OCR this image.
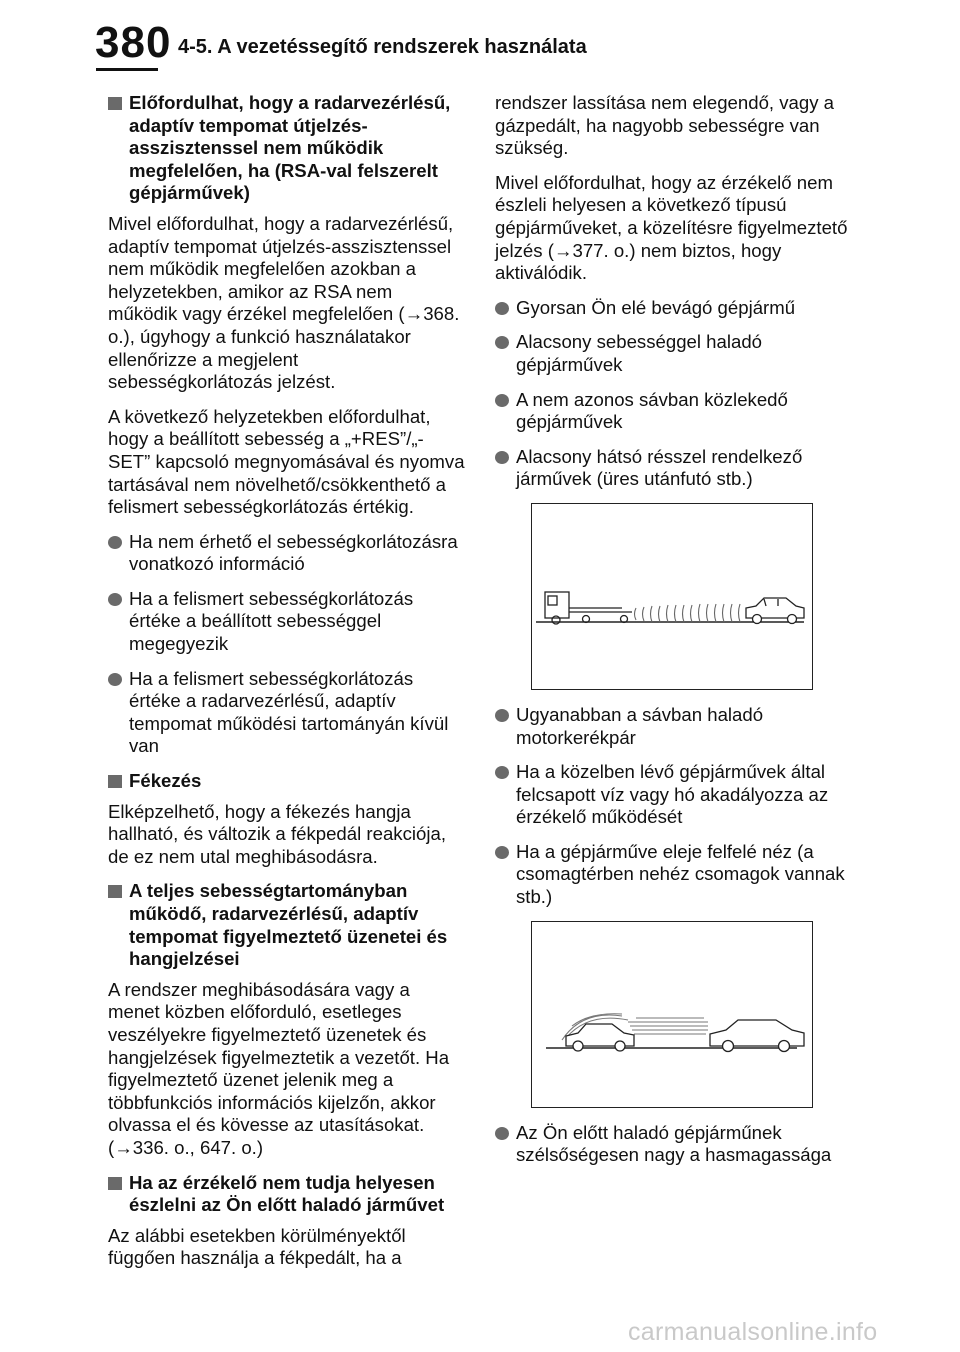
380 4-5. A vezetéssegítő rendszerek használata
Előfordulhat, hogy a radarvezérlésű, adaptív tempomat útjelzés-asszisztenssel nem működik megfelelően, ha (RSA-val felszerelt gépjárművek)

Mivel előfordulhat, hogy a radarvezérlésű, adaptív tempomat útjelzés-asszisztenssel nem működik megfelelően azokban a helyzetekben, amikor az RSA nem működik vagy érzékel megfelelően (→368. o.), úgyhogy a funkció használatakor ellenőrizze a megjelent sebességkorlátozás jelzést.

A következő helyzetekben előfordulhat, hogy a beállított sebesség a „+RES”/„-SET” kapcsoló megnyomásával és nyomva tartásával nem növelhető/csökkenthető a felismert sebességkorlátozás értékig.

Ha nem érhető el sebességkorlátozásra vonatkozó információ
Ha a felismert sebességkorlátozás értéke a beállított sebességgel megegyezik
Ha a felismert sebességkorlátozás értéke a radarvezérlésű, adaptív tempomat működési tartományán kívül van
Fékezés

Elképzelhető, hogy a fékezés hangja hallható, és változik a fékpedál reakciója, de ez nem utal meghibásodásra.

A teljes sebességtartományban működő, radarvezérlésű, adaptív tempomat figyelmeztető üzenetei és hangjelzései

A rendszer meghibásodására vagy a menet közben előforduló, esetleges veszélyekre figyelmeztető üzenetek és hangjelzések figyelmeztetik a vezetőt. Ha figyelmeztető üzenet jelenik meg a többfunkciós információs kijelzőn, akkor olvassa el és kövesse az utasításokat. (→336. o., 647. o.)

Ha az érzékelő nem tudja helyesen észlelni az Ön előtt haladó járművet

Az alábbi esetekben körülményektől függően használja a fékpedált, ha a

rendszer lassítása nem elegendő, vagy a gázpedált, ha nagyobb sebességre van szükség.

Mivel előfordulhat, hogy az érzékelő nem észleli helyesen a következő típusú gépjárműveket, a közelítésre figyelmeztető jelzés (→377. o.) nem biztos, hogy aktiválódik.

Gyorsan Ön elé bevágó gépjármű
Alacsony sebességgel haladó gépjárművek
A nem azonos sávban közlekedő gépjárművek
Alacsony hátsó résszel rendelkező járművek (üres utánfutó stb.)
Ugyanabban a sávban haladó motorkerékpár
Ha a közelben lévő gépjárművek által felcsapott víz vagy hó akadályozza az érzékelő működését
Ha a gépjárműve eleje felfelé néz (a csomagtérben nehéz csomagok vannak stb.)
Az Ön előtt haladó gépjárműnek szélsőségesen nagy a hasmagassága
carmanualsonline.info
